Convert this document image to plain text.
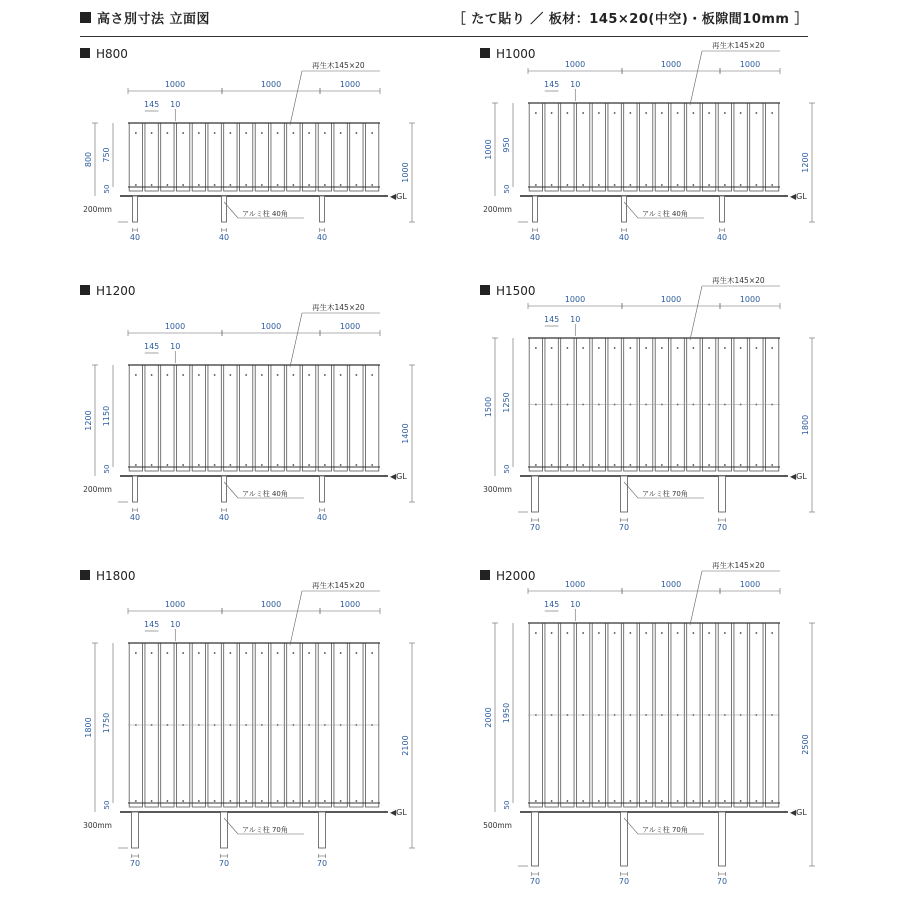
高さ別寸法 立面図	［ たて貼り ／ 板材：145×20(中空)・板隙間10mm ］
H800
◀GL
40	40	40
アルミ柱 40角
1000	1000	1000
145 10
再生木145×20
800 750
50
200mm
1000
H1000
◀GL
40	40	40
アルミ柱 40角
1000	1000	1000
145 10
再生木145×20
1000 950
50
200mm
1200
H1200
◀GL
40	40	40
アルミ柱 40角
1000	1000	1000
145 10
再生木145×20
1200 1150
50
200mm
1400
H1500
◀GL
70	70	70
アルミ柱 70角
1000	1000	1000
145 10
再生木145×20
1500 1250
50
300mm
1800
H1800
◀GL
70	70	70
アルミ柱 70角
1000	1000	1000
145 10
再生木145×20
1800 1750
50
300mm
2100
H2000
◀GL
70	70	70
アルミ柱 70角
1000	1000	1000
145 10
再生木145×20
2000 1950
50
500mm
2500
